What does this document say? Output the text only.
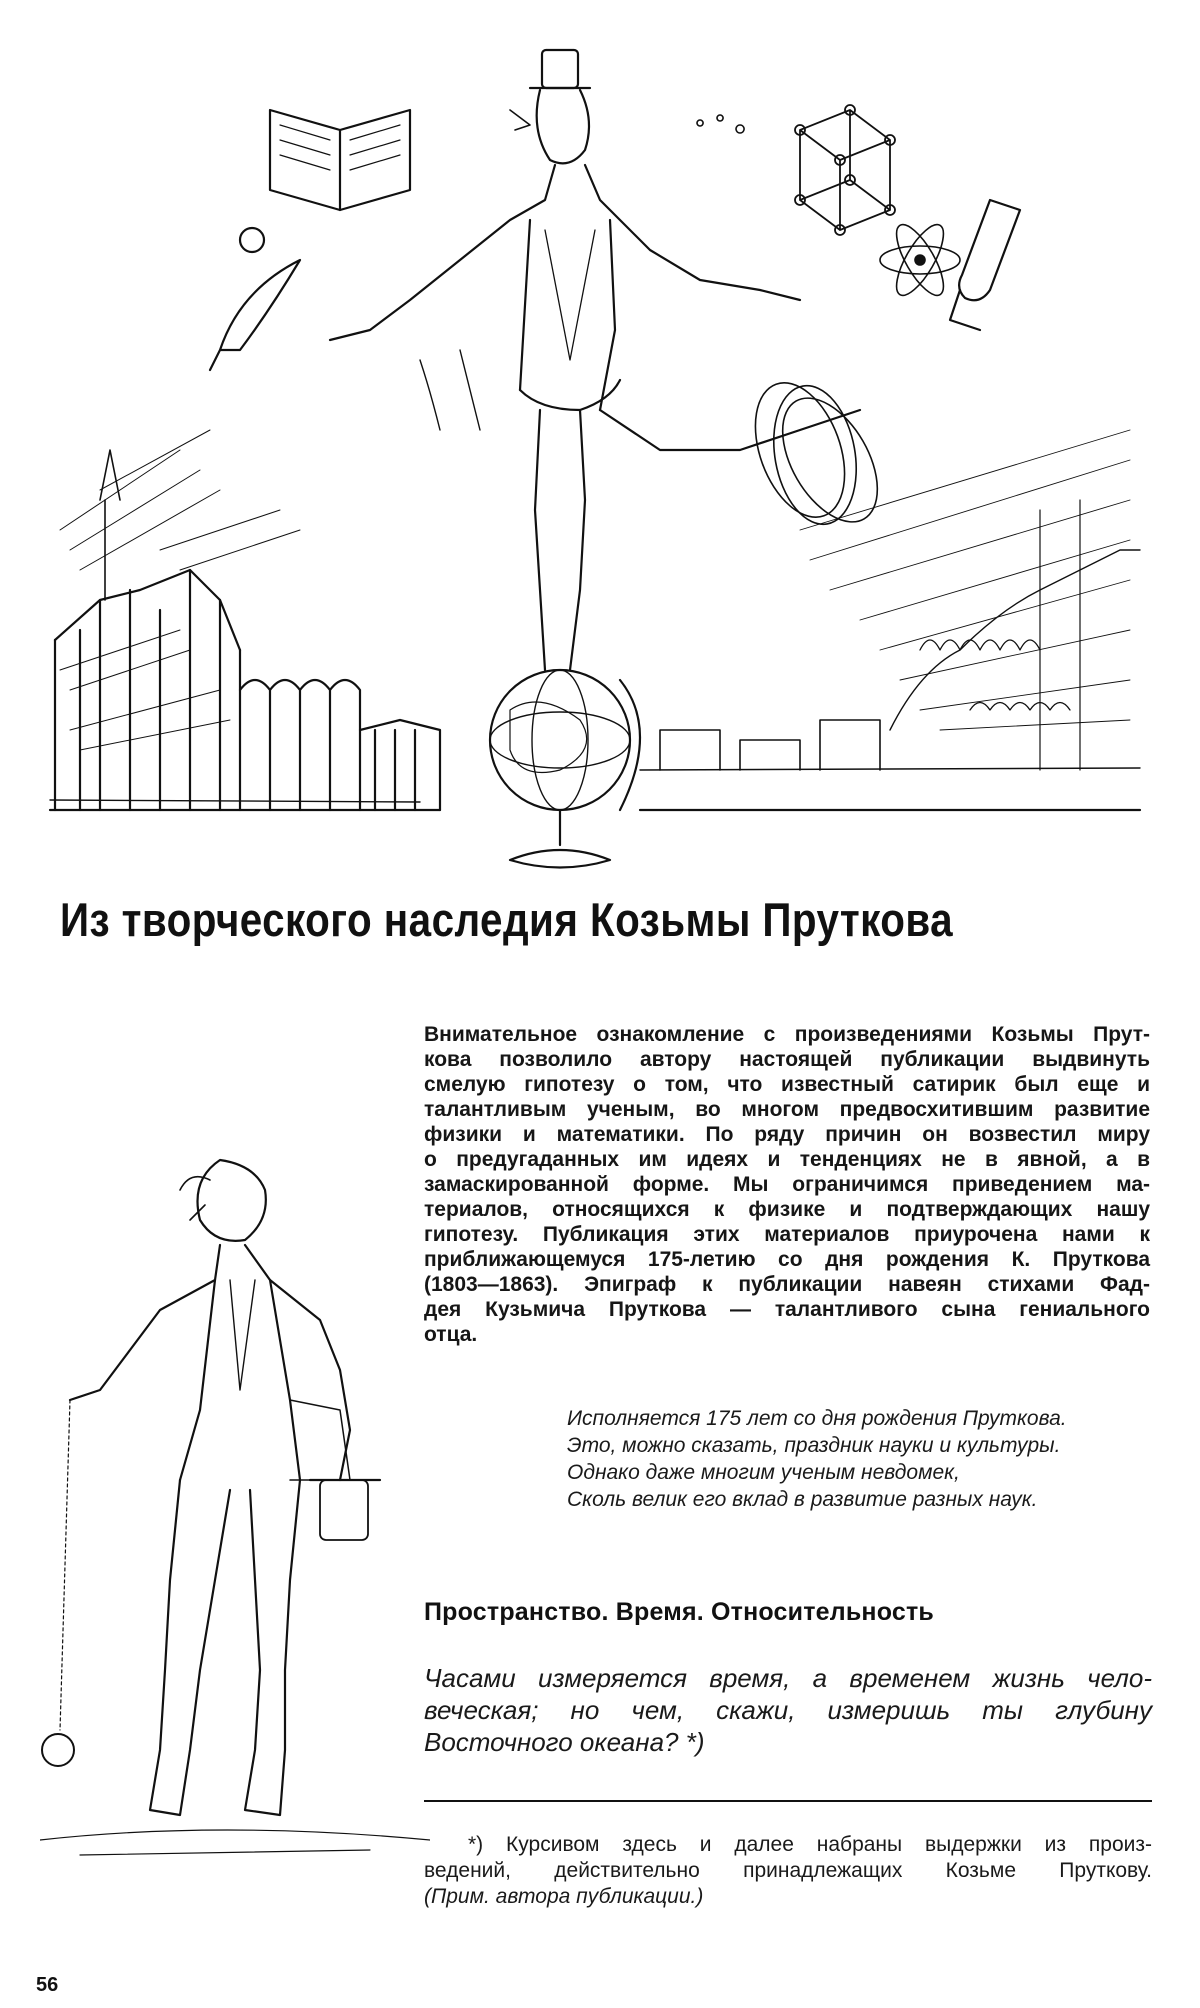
Из творческого наследия Козьмы Пруткова
Внимательное ознакомление с произведениями Козьмы Прут-
кова позволило автору настоящей публикации выдвинуть
смелую гипотезу о том, что известный сатирик был еще и
талантливым ученым, во многом предвосхитившим развитие
физики и математики. По ряду причин он возвестил миру
о предугаданных им идеях и тенденциях не в явной, а в
замаскированной форме. Мы ограничимся приведением ма-
териалов, относящихся к физике и подтверждающих нашу
гипотезу. Публикация этих материалов приурочена нами к
приближающемуся 175-летию со дня рождения К. Пруткова
(1803—1863). Эпиграф к публикации навеян стихами Фад-
дея Кузьмича Пруткова — талантливого сына гениального
отца.
Исполняется 175 лет со дня рождения Пруткова.
Это, можно сказать, праздник науки и культуры.
Однако даже многим ученым невдомек,
Сколь велик его вклад в развитие разных наук.
Пространство. Время. Относительность
Часами измеряется время, а временем жизнь чело-
веческая; но чем, скажи, измеришь ты глубину
Восточного океана? *)
*) Курсивом здесь и далее набраны выдержки из произ-
ведений, действительно принадлежащих Козьме Пруткову.
(Прим. автора публикации.)
56
